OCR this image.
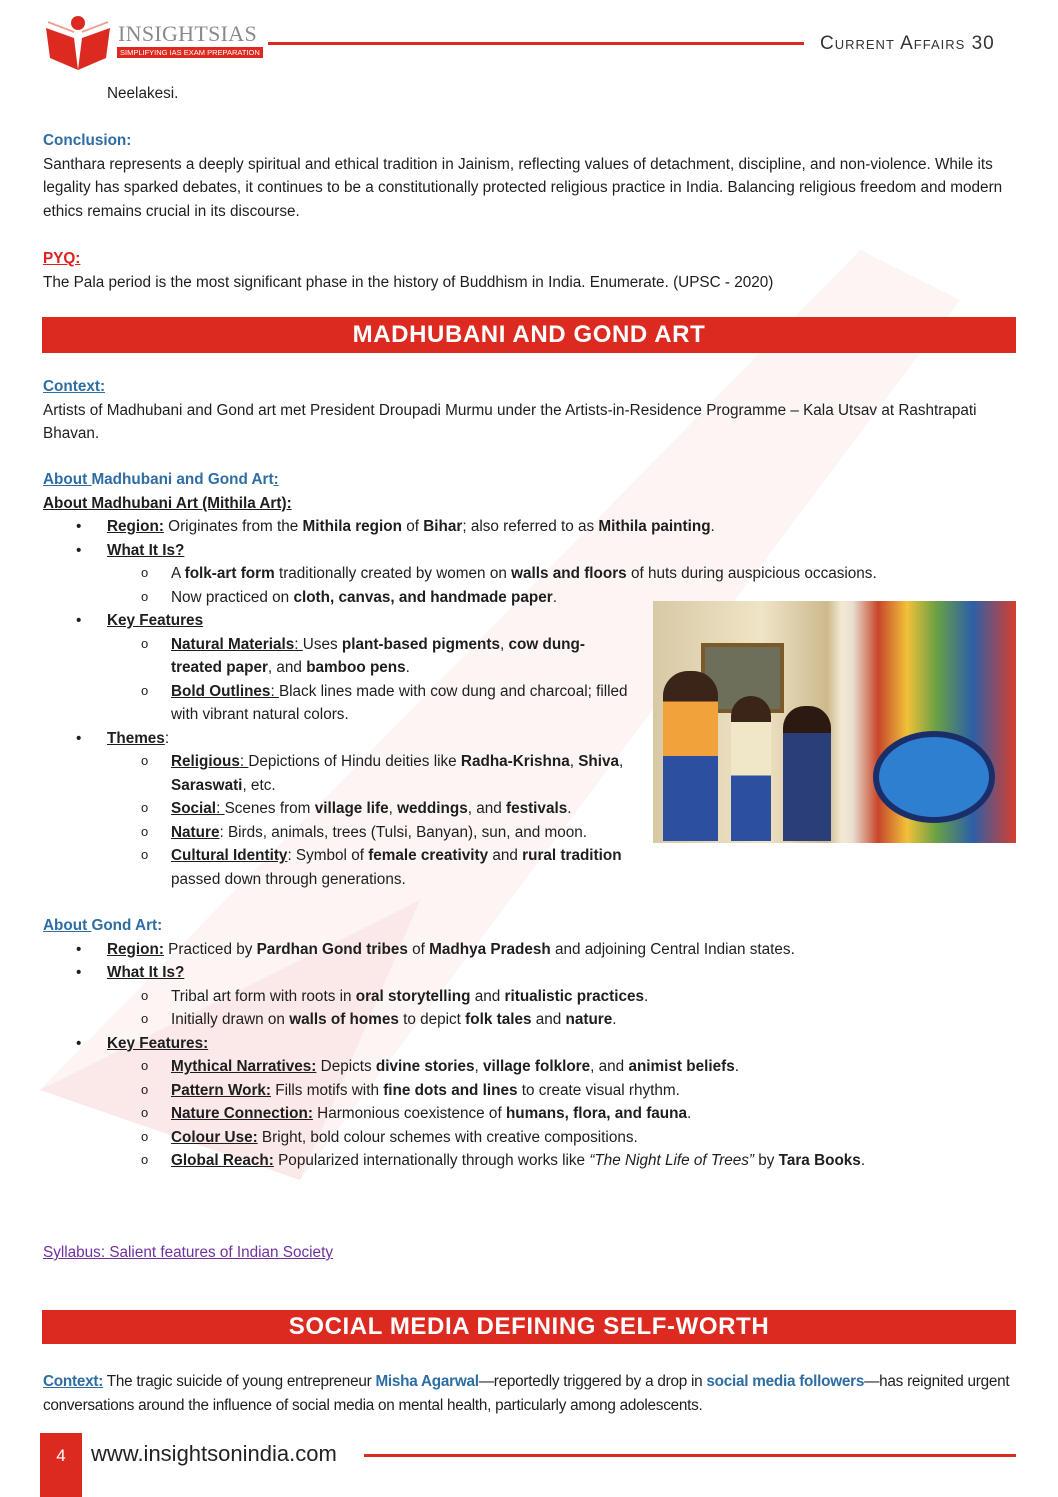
INSIGHTSIAS
SIMPLIFYING IAS EXAM PREPARATION	Current Affairs 30
Neelakesi.
Conclusion:
Santhara represents a deeply spiritual and ethical tradition in Jainism, reflecting values of detachment, discipline, and non-violence. While its legality has sparked debates, it continues to be a constitutionally protected religious practice in India. Balancing religious freedom and modern ethics remains crucial in its discourse.
PYQ:
The Pala period is the most significant phase in the history of Buddhism in India. Enumerate. (UPSC - 2020)
MADHUBANI AND GOND ART
Context:
Artists of Madhubani and Gond art met President Droupadi Murmu under the Artists-in-Residence Programme – Kala Utsav at Rashtrapati Bhavan.
About Madhubani and Gond Art:
About Madhubani Art (Mithila Art):
• Region: Originates from the Mithila region of Bihar; also referred to as Mithila painting.
• What It Is?
o A folk-art form traditionally created by women on walls and floors of huts during auspicious occasions.
o Now practiced on cloth, canvas, and handmade paper.
• Key Features
o Natural Materials: Uses plant-based pigments, cow dung-treated paper, and bamboo pens.
o Bold Outlines: Black lines made with cow dung and charcoal; filled with vibrant natural colors.
• Themes:
o Religious: Depictions of Hindu deities like Radha-Krishna, Shiva, Saraswati, etc.
o Social: Scenes from village life, weddings, and festivals.
o Nature: Birds, animals, trees (Tulsi, Banyan), sun, and moon.
o Cultural Identity: Symbol of female creativity and rural tradition passed down through generations.
About Gond Art:
• Region: Practiced by Pardhan Gond tribes of Madhya Pradesh and adjoining Central Indian states.
• What It Is?
o Tribal art form with roots in oral storytelling and ritualistic practices.
o Initially drawn on walls of homes to depict folk tales and nature.
• Key Features:
o Mythical Narratives: Depicts divine stories, village folklore, and animist beliefs.
o Pattern Work: Fills motifs with fine dots and lines to create visual rhythm.
o Nature Connection: Harmonious coexistence of humans, flora, and fauna.
o Colour Use: Bright, bold colour schemes with creative compositions.
o Global Reach: Popularized internationally through works like “The Night Life of Trees” by Tara Books.
Syllabus: Salient features of Indian Society
SOCIAL MEDIA DEFINING SELF-WORTH
Context: The tragic suicide of young entrepreneur Misha Agarwal—reportedly triggered by a drop in social media followers—has reignited urgent conversations around the influence of social media on mental health, particularly among adolescents.
4	www.insightsonindia.com
